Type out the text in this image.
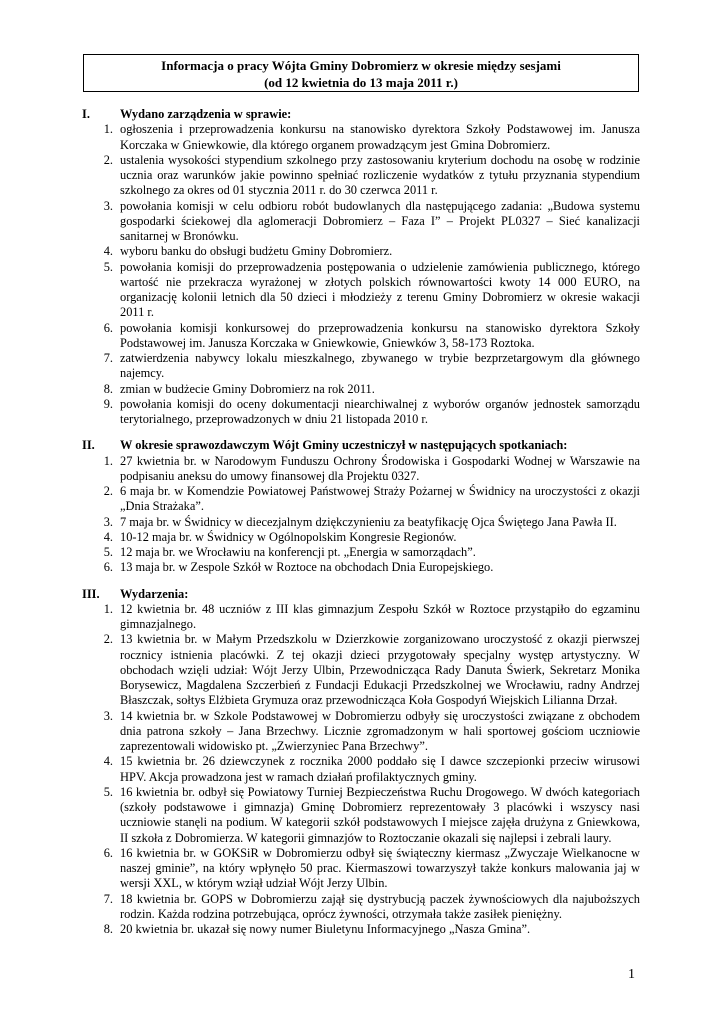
Informacja o pracy Wójta Gminy Dobromierz w okresie między sesjami
(od 12 kwietnia do 13 maja 2011 r.)
I.	Wydano zarządzenia w sprawie:
1. ogłoszenia i przeprowadzenia konkursu na stanowisko dyrektora Szkoły Podstawowej im. Janusza Korczaka w Gniewkowie, dla którego organem prowadzącym jest Gmina Dobromierz.
2. ustalenia wysokości stypendium szkolnego przy zastosowaniu kryterium dochodu na osobę w rodzinie ucznia oraz warunków jakie powinno spełniać rozliczenie wydatków z tytułu przyznania stypendium szkolnego za okres od 01 stycznia 2011 r. do 30 czerwca 2011 r.
3. powołania komisji w celu odbioru robót budowlanych dla następującego zadania: „Budowa systemu gospodarki ściekowej dla aglomeracji Dobromierz – Faza I” – Projekt PL0327 – Sieć kanalizacji sanitarnej w Bronówku.
4. wyboru banku do obsługi budżetu Gminy Dobromierz.
5. powołania komisji do przeprowadzenia postępowania o udzielenie zamówienia publicznego, którego wartość nie przekracza wyrażonej w złotych polskich równowartości kwoty 14 000 EURO, na organizację kolonii letnich dla 50 dzieci i młodzieży z terenu Gminy Dobromierz w okresie wakacji 2011 r.
6. powołania komisji konkursowej do przeprowadzenia konkursu na stanowisko dyrektora Szkoły Podstawowej im. Janusza Korczaka w Gniewkowie, Gniewków 3, 58-173 Roztoka.
7. zatwierdzenia nabywcy lokalu mieszkalnego, zbywanego w trybie bezprzetargowym dla głównego najemcy.
8. zmian w budżecie Gminy Dobromierz na rok 2011.
9. powołania komisji do oceny dokumentacji niearchiwalnej z wyborów organów jednostek samorządu terytorialnego, przeprowadzonych w dniu 21 listopada 2010 r.
II.	W okresie sprawozdawczym Wójt Gminy uczestniczył w następujących spotkaniach:
1. 27 kwietnia br. w Narodowym Funduszu Ochrony Środowiska i Gospodarki Wodnej w Warszawie na podpisaniu aneksu do umowy finansowej dla Projektu 0327.
2. 6 maja br. w Komendzie Powiatowej Państwowej Straży Pożarnej w Świdnicy na uroczystości z okazji „Dnia Strażaka”.
3. 7 maja br. w Świdnicy w diecezjalnym dziękczynieniu za beatyfikację Ojca Świętego Jana Pawła II.
4. 10-12 maja br. w Świdnicy w Ogólnopolskim Kongresie Regionów.
5. 12 maja br. we Wrocławiu na konferencji pt. „Energia w samorządach”.
6. 13 maja br. w Zespole Szkół w Roztoce na obchodach Dnia Europejskiego.
III.	Wydarzenia:
1. 12 kwietnia br. 48 uczniów z III klas gimnazjum Zespołu Szkół w Roztoce przystąpiło do egzaminu gimnazjalnego.
2. 13 kwietnia br. w Małym Przedszkolu w Dzierzkowie zorganizowano uroczystość z okazji pierwszej rocznicy istnienia placówki. Z tej okazji dzieci przygotowały specjalny występ artystyczny. W obchodach wzięli udział: Wójt Jerzy Ulbin, Przewodnicząca Rady Danuta Świerk, Sekretarz Monika Borysewicz, Magdalena Szczerbień z Fundacji Edukacji Przedszkolnej we Wrocławiu, radny Andrzej Błaszczak, sołtys Elżbieta Grymuza oraz przewodnicząca Koła Gospodyń Wiejskich Lilianna Drzał.
3. 14 kwietnia br. w Szkole Podstawowej w Dobromierzu odbyły się uroczystości związane z obchodem dnia patrona szkoły – Jana Brzechwy. Licznie zgromadzonym w hali sportowej gościom uczniowie zaprezentowali widowisko pt. „Zwierzyniec Pana Brzechwy”.
4. 15 kwietnia br. 26 dziewczynek z rocznika 2000 poddało się I dawce szczepionki przeciw wirusowi HPV. Akcja prowadzona jest w ramach działań profilaktycznych gminy.
5. 16 kwietnia br. odbył się Powiatowy Turniej Bezpieczeństwa Ruchu Drogowego. W dwóch kategoriach (szkoły podstawowe i gimnazja) Gminę Dobromierz reprezentowały 3 placówki i wszyscy nasi uczniowie stanęli na podium. W kategorii szkół podstawowych I miejsce zajęła drużyna z Gniewkowa, II szkoła z Dobromierza. W kategorii gimnazjów to Roztoczanie okazali się najlepsi i zebrali laury.
6. 16 kwietnia br. w GOKSiR w Dobromierzu odbył się świąteczny kiermasz „Zwyczaje Wielkanocne w naszej gminie”, na który wpłynęło 50 prac. Kiermaszowi towarzyszył także konkurs malowania jaj w wersji XXL, w którym wziął udział Wójt Jerzy Ulbin.
7. 18 kwietnia br. GOPS w Dobromierzu zajął się dystrybucją paczek żywnościowych dla najuboższych rodzin. Każda rodzina potrzebująca, oprócz żywności, otrzymała także zasiłek pieniężny.
8. 20 kwietnia br. ukazał się nowy numer Biuletynu Informacyjnego „Nasza Gmina”.
1
